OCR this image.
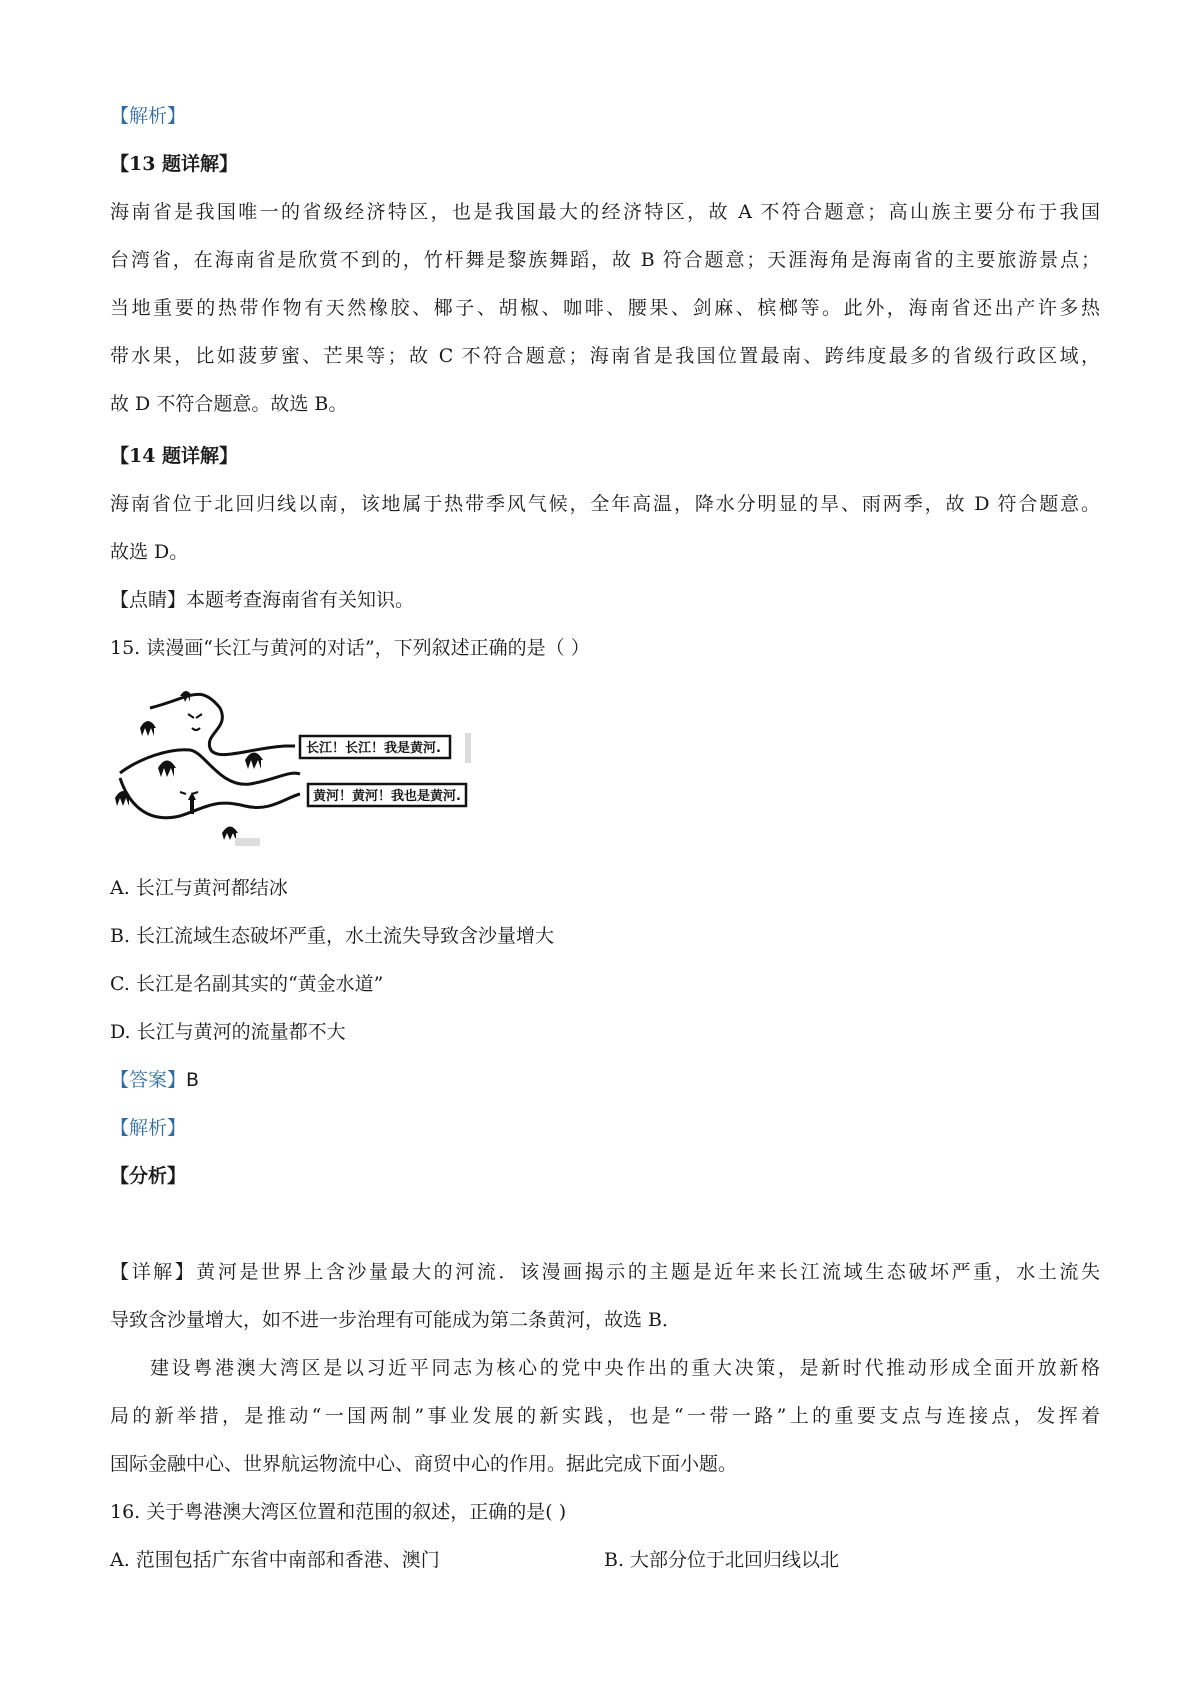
【解析】
【13 题详解】
海南省是我国唯一的省级经济特区，也是我国最大的经济特区，故 A 不符合题意；高山族主要分布于我国
台湾省，在海南省是欣赏不到的，竹杆舞是黎族舞蹈，故 B 符合题意；天涯海角是海南省的主要旅游景点；
当地重要的热带作物有天然橡胶、椰子、胡椒、咖啡、腰果、剑麻、槟榔等。此外，海南省还出产许多热
带水果，比如菠萝蜜、芒果等；故 C 不符合题意；海南省是我国位置最南、跨纬度最多的省级行政区域，
故 D 不符合题意。故选 B。
【14 题详解】
海南省位于北回归线以南，该地属于热带季风气候，全年高温，降水分明显的旱、雨两季，故 D 符合题意。
故选 D。
【点睛】本题考查海南省有关知识。
15. 读漫画“长江与黄河的对话”，下列叙述正确的是（ ）
长江！长江！我是黄河.
黄河！黄河！我也是黄河.
A. 长江与黄河都结冰
B. 长江流域生态破坏严重，水土流失导致含沙量增大
C. 长江是名副其实的“黄金水道”
D. 长江与黄河的流量都不大
【答案】B
【解析】
【分析】
【详解】黄河是世界上含沙量最大的河流．该漫画揭示的主题是近年来长江流域生态破坏严重，水土流失
导致含沙量增大，如不进一步治理有可能成为第二条黄河，故选 B．
建设粤港澳大湾区是以习近平同志为核心的党中央作出的重大决策，是新时代推动形成全面开放新格
局的新举措，是推动“一国两制”事业发展的新实践，也是“一带一路”上的重要支点与连接点，发挥着
国际金融中心、世界航运物流中心、商贸中心的作用。据此完成下面小题。
16. 关于粤港澳大湾区位置和范围的叙述，正确的是( )
A. 范围包括广东省中南部和香港、澳门	B. 大部分位于北回归线以北
